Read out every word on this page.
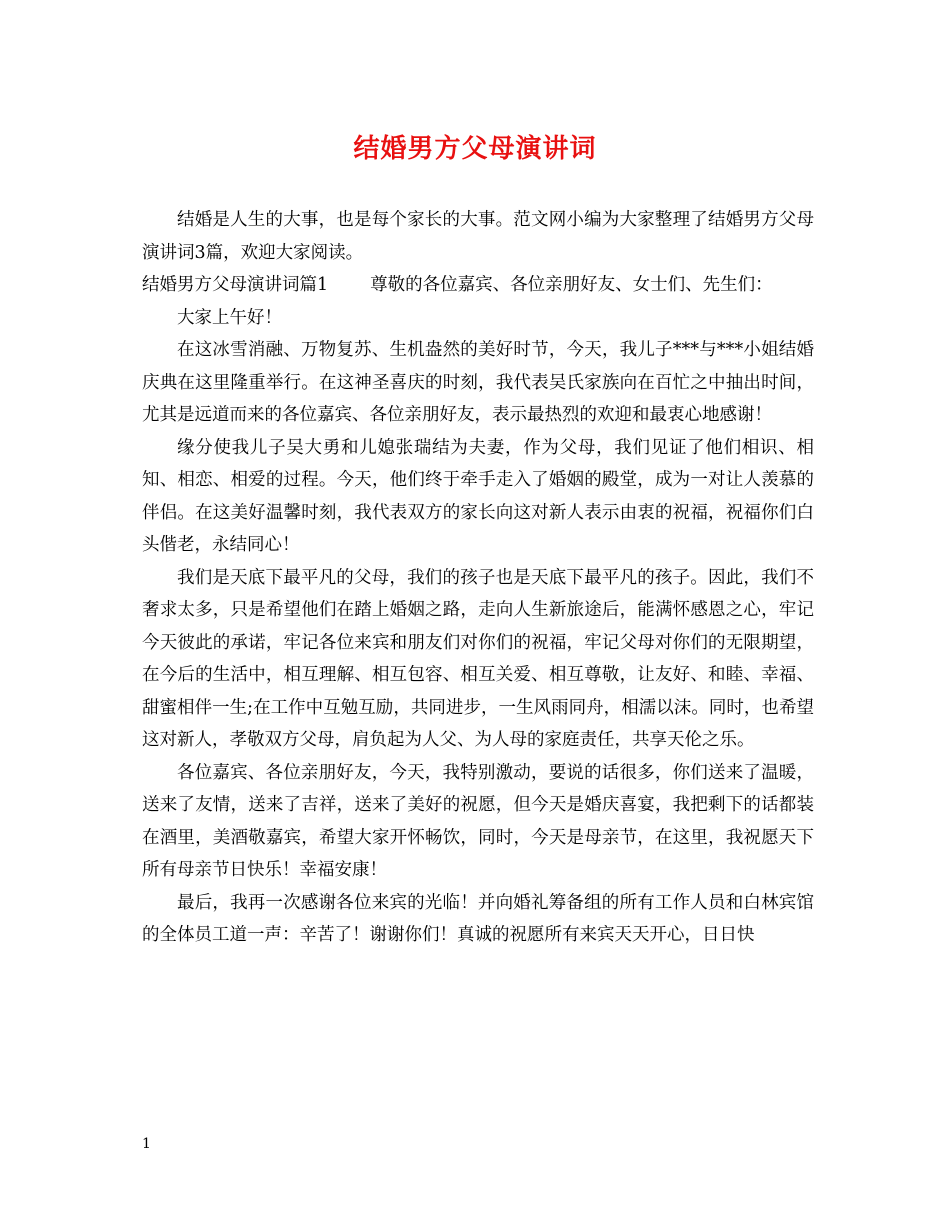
结婚男方父母演讲词

结婚是人生的大事，也是每个家长的大事。范文网小编为大家整理了结婚男方父母演讲词3篇，欢迎大家阅读。

结婚男方父母演讲词篇1 尊敬的各位嘉宾、各位亲朋好友、女士们、先生们：

大家上午好！

在这冰雪消融、万物复苏、生机盎然的美好时节，今天，我儿子***与***小姐结婚庆典在这里隆重举行。在这神圣喜庆的时刻，我代表吴氏家族向在百忙之中抽出时间，尤其是远道而来的各位嘉宾、各位亲朋好友，表示最热烈的欢迎和最衷心地感谢！

缘分使我儿子吴大勇和儿媳张瑞结为夫妻，作为父母，我们见证了他们相识、相知、相恋、相爱的过程。今天，他们终于牵手走入了婚姻的殿堂，成为一对让人羡慕的伴侣。在这美好温馨时刻，我代表双方的家长向这对新人表示由衷的祝福，祝福你们白头偕老，永结同心！

我们是天底下最平凡的父母，我们的孩子也是天底下最平凡的孩子。因此，我们不奢求太多，只是希望他们在踏上婚姻之路，走向人生新旅途后，能满怀感恩之心，牢记今天彼此的承诺，牢记各位来宾和朋友们对你们的祝福，牢记父母对你们的无限期望，在今后的生活中，相互理解、相互包容、相互关爱、相互尊敬，让友好、和睦、幸福、甜蜜相伴一生;在工作中互勉互励，共同进步，一生风雨同舟，相濡以沫。同时，也希望这对新人，孝敬双方父母，肩负起为人父、为人母的家庭责任，共享天伦之乐。

各位嘉宾、各位亲朋好友，今天，我特别激动，要说的话很多，你们送来了温暖，送来了友情，送来了吉祥，送来了美好的祝愿，但今天是婚庆喜宴，我把剩下的话都装在酒里，美酒敬嘉宾，希望大家开怀畅饮，同时，今天是母亲节，在这里，我祝愿天下所有母亲节日快乐！幸福安康！

最后，我再一次感谢各位来宾的光临！并向婚礼筹备组的所有工作人员和白林宾馆的全体员工道一声：辛苦了！谢谢你们！真诚的祝愿所有来宾天天开心，日日快

1
